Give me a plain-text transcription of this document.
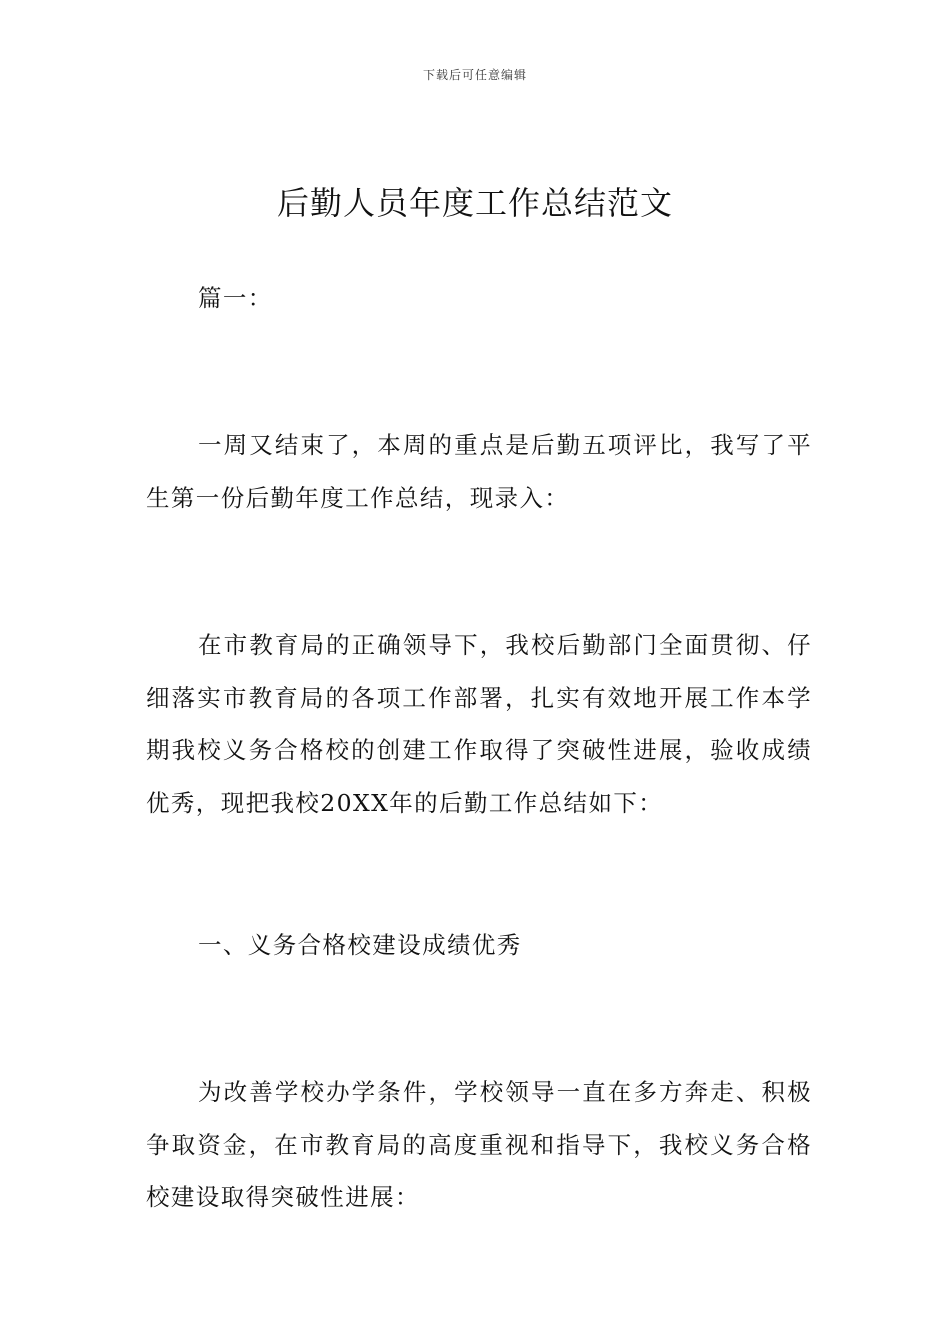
下载后可任意编辑
后勤人员年度工作总结范文

篇一：

一周又结束了，本周的重点是后勤五项评比，我写了平生第一份后勤年度工作总结，现录入：

在市教育局的正确领导下，我校后勤部门全面贯彻、仔细落实市教育局的各项工作部署，扎实有效地开展工作本学期我校义务合格校的创建工作取得了突破性进展，验收成绩优秀，现把我校20XX年的后勤工作总结如下：

一、义务合格校建设成绩优秀

为改善学校办学条件，学校领导一直在多方奔走、积极争取资金，在市教育局的高度重视和指导下，我校义务合格校建设取得突破性进展：
